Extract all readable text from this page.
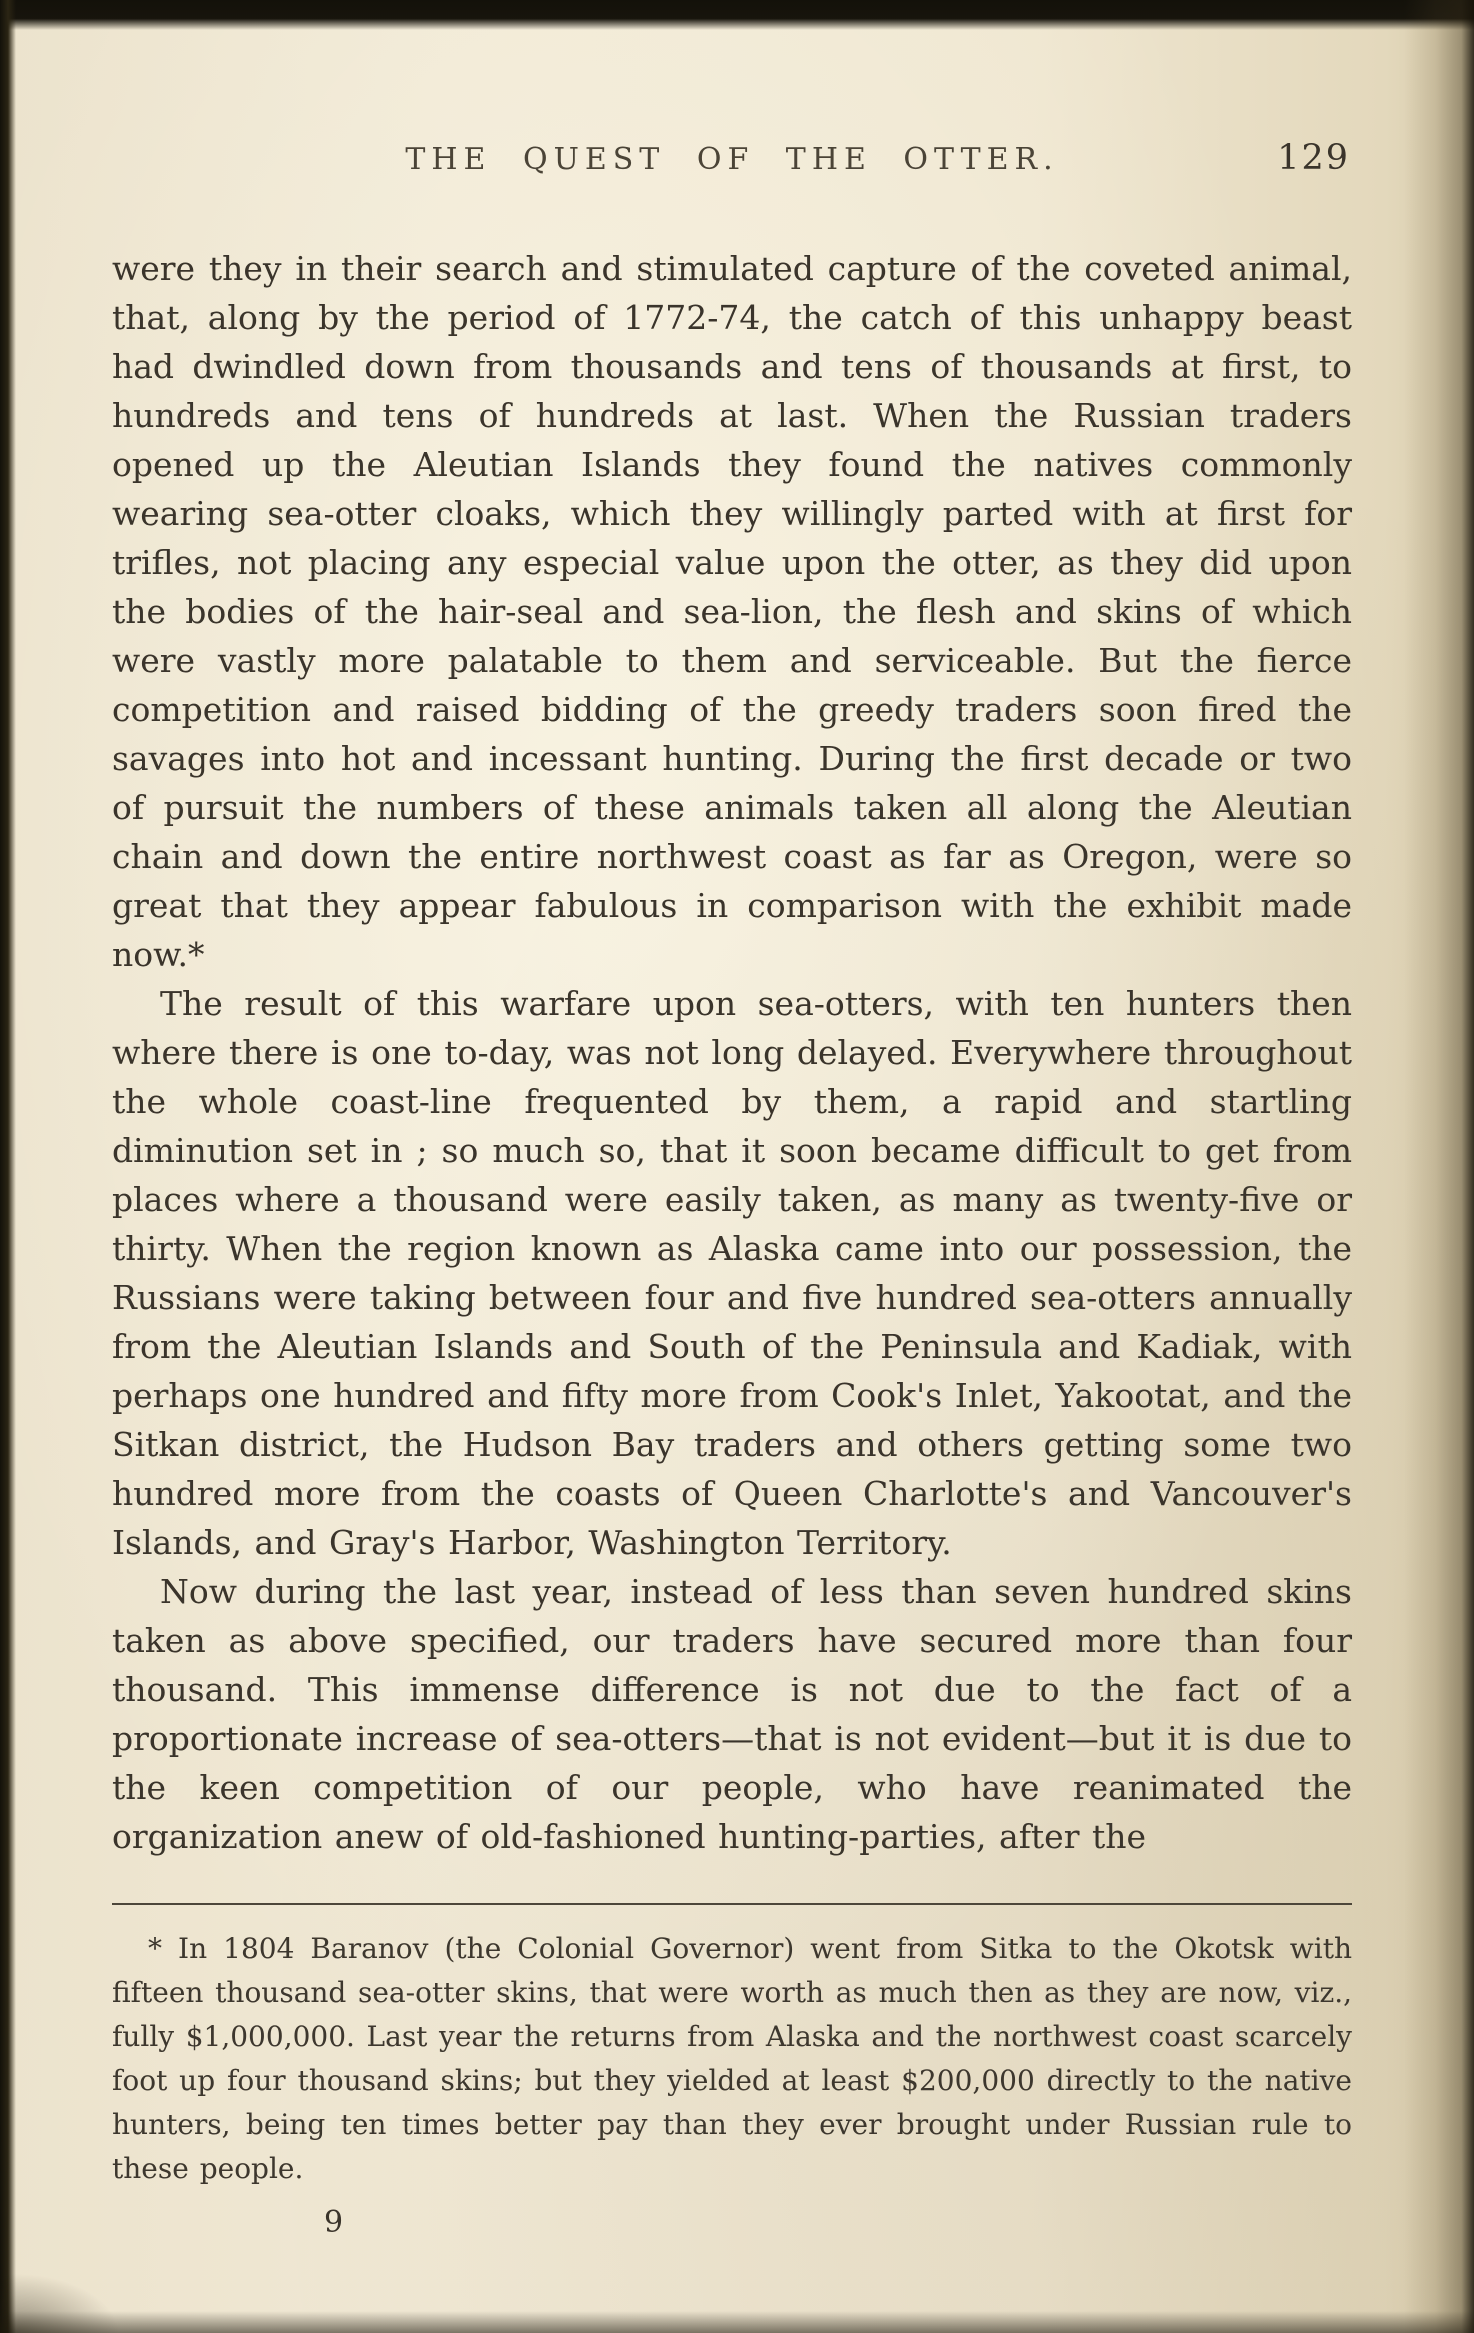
THE QUEST OF THE OTTER.	129

were they in their search and stimulated capture of the coveted animal, that, along by the period of 1772-74, the catch of this unhappy beast had dwindled down from thousands and tens of thousands at first, to hundreds and tens of hundreds at last. When the Russian traders opened up the Aleutian Islands they found the natives commonly wearing sea-otter cloaks, which they willingly parted with at first for trifles, not placing any especial value upon the otter, as they did upon the bodies of the hair-seal and sea-lion, the flesh and skins of which were vastly more palatable to them and serviceable. But the fierce competition and raised bidding of the greedy traders soon fired the savages into hot and incessant hunting. During the first decade or two of pursuit the numbers of these animals taken all along the Aleutian chain and down the entire northwest coast as far as Oregon, were so great that they appear fabulous in comparison with the exhibit made now.*

The result of this warfare upon sea-otters, with ten hunters then where there is one to-day, was not long delayed. Everywhere throughout the whole coast-line frequented by them, a rapid and startling diminution set in ; so much so, that it soon became difficult to get from places where a thousand were easily taken, as many as twenty-five or thirty. When the region known as Alaska came into our possession, the Russians were taking between four and five hundred sea-otters annually from the Aleutian Islands and South of the Peninsula and Kadiak, with perhaps one hundred and fifty more from Cook's Inlet, Yakootat, and the Sitkan district, the Hudson Bay traders and others getting some two hundred more from the coasts of Queen Charlotte's and Vancouver's Islands, and Gray's Harbor, Washington Territory.

Now during the last year, instead of less than seven hundred skins taken as above specified, our traders have secured more than four thousand. This immense difference is not due to the fact of a proportionate increase of sea-otters—that is not evident—but it is due to the keen competition of our people, who have reanimated the organization anew of old-fashioned hunting-parties, after the

* In 1804 Baranov (the Colonial Governor) went from Sitka to the Okotsk with fifteen thousand sea-otter skins, that were worth as much then as they are now, viz., fully $1,000,000. Last year the returns from Alaska and the northwest coast scarcely foot up four thousand skins; but they yielded at least $200,000 directly to the native hunters, being ten times better pay than they ever brought under Russian rule to these people.

9
